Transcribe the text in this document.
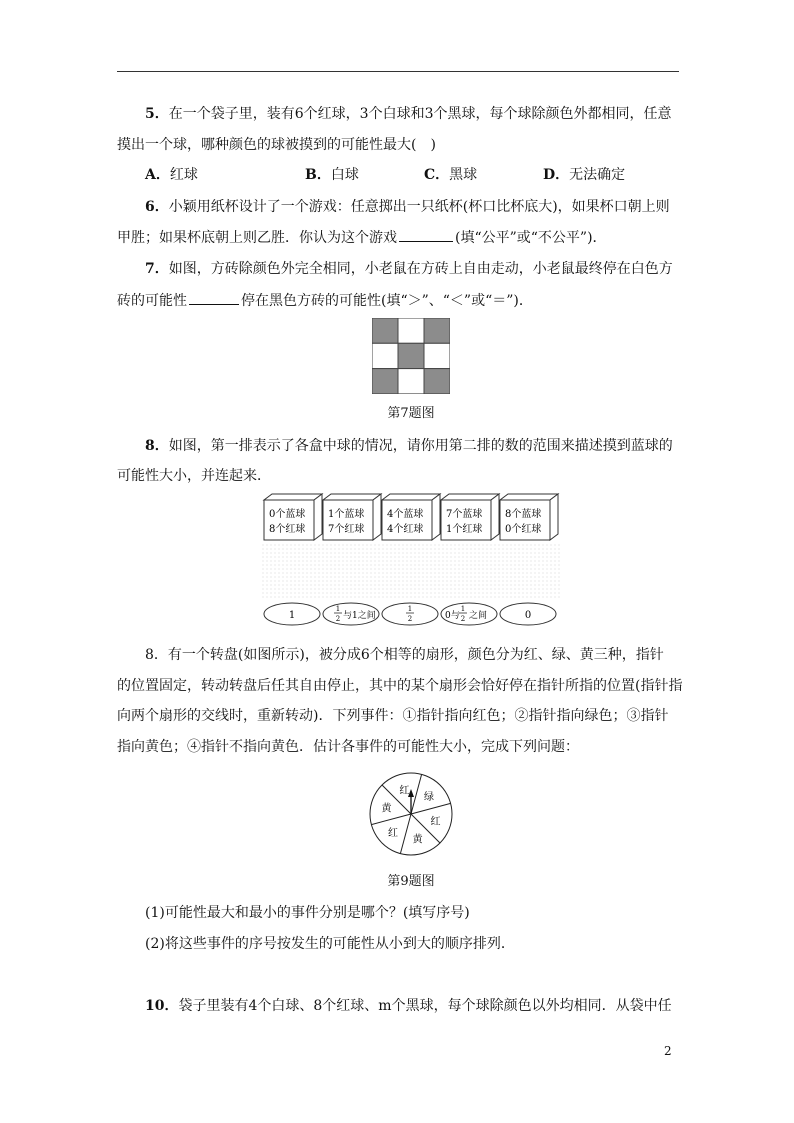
5．在一个袋子里，装有6个红球，3个白球和3个黑球，每个球除颜色外都相同，任意
摸出一个球，哪种颜色的球被摸到的可能性最大(　)
A．红球	B．白球	C．黑球	D．无法确定
6．小颖用纸杯设计了一个游戏：任意掷出一只纸杯(杯口比杯底大)，如果杯口朝上则
甲胜；如果杯底朝上则乙胜．你认为这个游戏	(填“公平”或“不公平”)．
7．如图，方砖除颜色外完全相同，小老鼠在方砖上自由走动，小老鼠最终停在白色方
砖的可能性	停在黑色方砖的可能性(填“＞”、“＜”或“＝”)．
第7题图
8．如图，第一排表示了各盒中球的情况，请你用第二排的数的范围来描述摸到蓝球的
可能性大小，并连起来．
0个蓝球
8个红球
1个蓝球
7个红球
4个蓝球
4个红球
7个蓝球
1个红球
8个蓝球
0个红球
1
1
2 与1之间
1
2	0与
1
2 之间	0
8．有一个转盘(如图所示)，被分成6个相等的扇形，颜色分为红、绿、黄三种，指针
的位置固定，转动转盘后任其自由停止，其中的某个扇形会恰好停在指针所指的位置(指针指
向两个扇形的交线时，重新转动)．下列事件：①指针指向红色；②指针指向绿色；③指针
指向黄色；④指针不指向黄色．估计各事件的可能性大小，完成下列问题：
绿
红
黄
红
黄
红
第9题图
(1)可能性最大和最小的事件分别是哪个？(填写序号)
(2)将这些事件的序号按发生的可能性从小到大的顺序排列．
10．袋子里装有4个白球、8个红球、m个黑球，每个球除颜色以外均相同．从袋中任
2
